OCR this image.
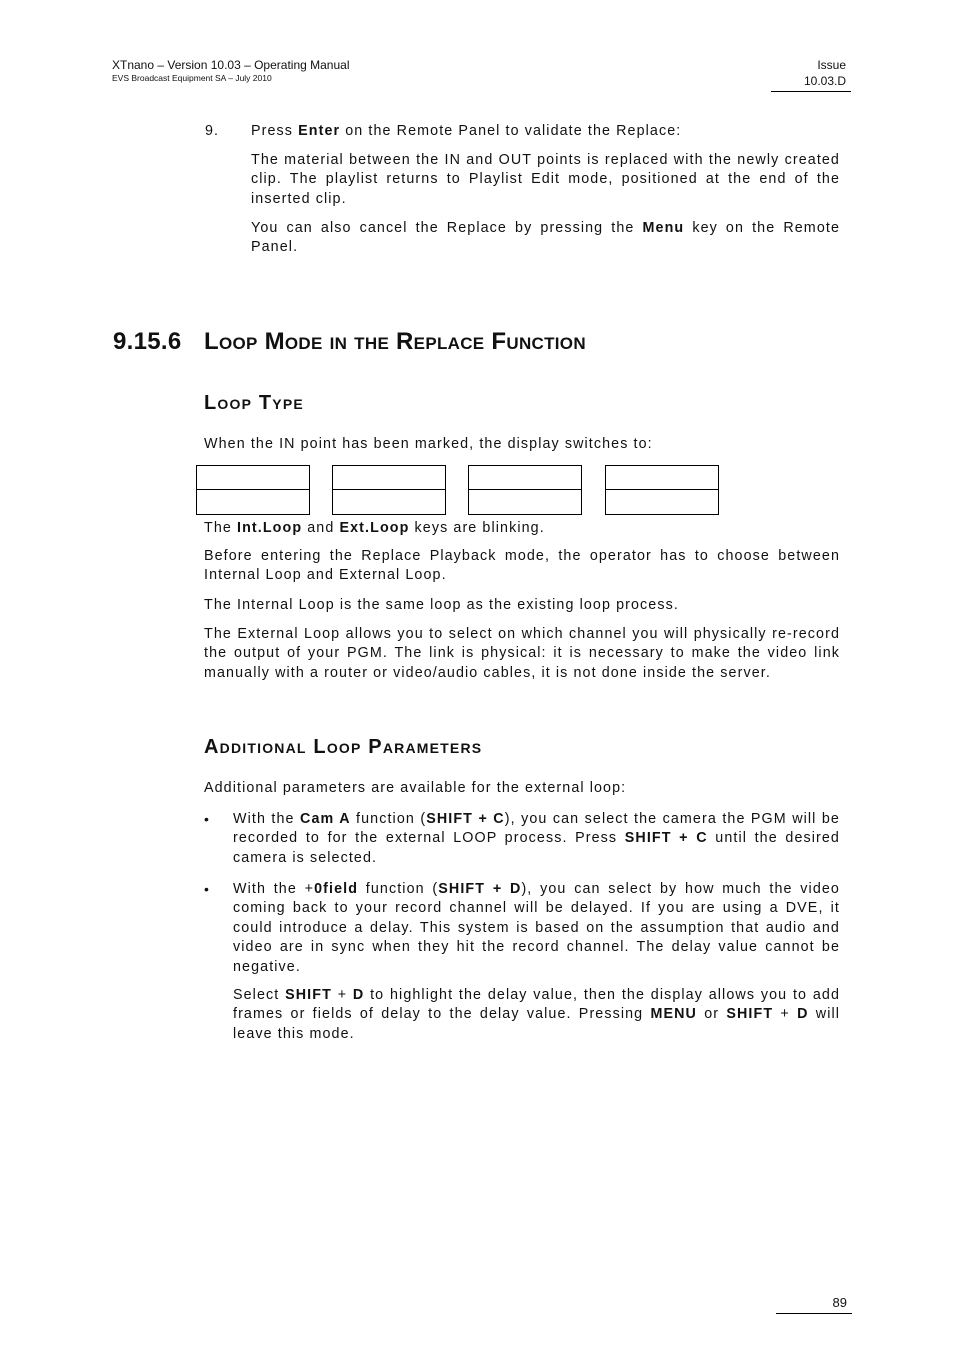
XTnano – Version 10.03 – Operating Manual
EVS Broadcast Equipment SA – July 2010
Issue
10.03.D
9. Press Enter on the Remote Panel to validate the Replace:

The material between the IN and OUT points is replaced with the newly created clip. The playlist returns to Playlist Edit mode, positioned at the end of the inserted clip.

You can also cancel the Replace by pressing the Menu key on the Remote Panel.

9.15.6 Loop Mode in the Replace Function
Loop Type

When the IN point has been marked, the display switches to:

The Int.Loop and Ext.Loop keys are blinking.

Before entering the Replace Playback mode, the operator has to choose between Internal Loop and External Loop.

The Internal Loop is the same loop as the existing loop process.

The External Loop allows you to select on which channel you will physically re-record the output of your PGM. The link is physical: it is necessary to make the video link manually with a router or video/audio cables, it is not done inside the server.

Additional Loop Parameters

Additional parameters are available for the external loop:

• With the Cam A function (SHIFT + C), you can select the camera the PGM will be recorded to for the external LOOP process. Press SHIFT + C until the desired camera is selected.

• With the +0field function (SHIFT + D), you can select by how much the video coming back to your record channel will be delayed. If you are using a DVE, it could introduce a delay. This system is based on the assumption that audio and video are in sync when they hit the record channel. The delay value cannot be negative.

Select SHIFT + D to highlight the delay value, then the display allows you to add frames or fields of delay to the delay value. Pressing MENU or SHIFT + D will leave this mode.

89
